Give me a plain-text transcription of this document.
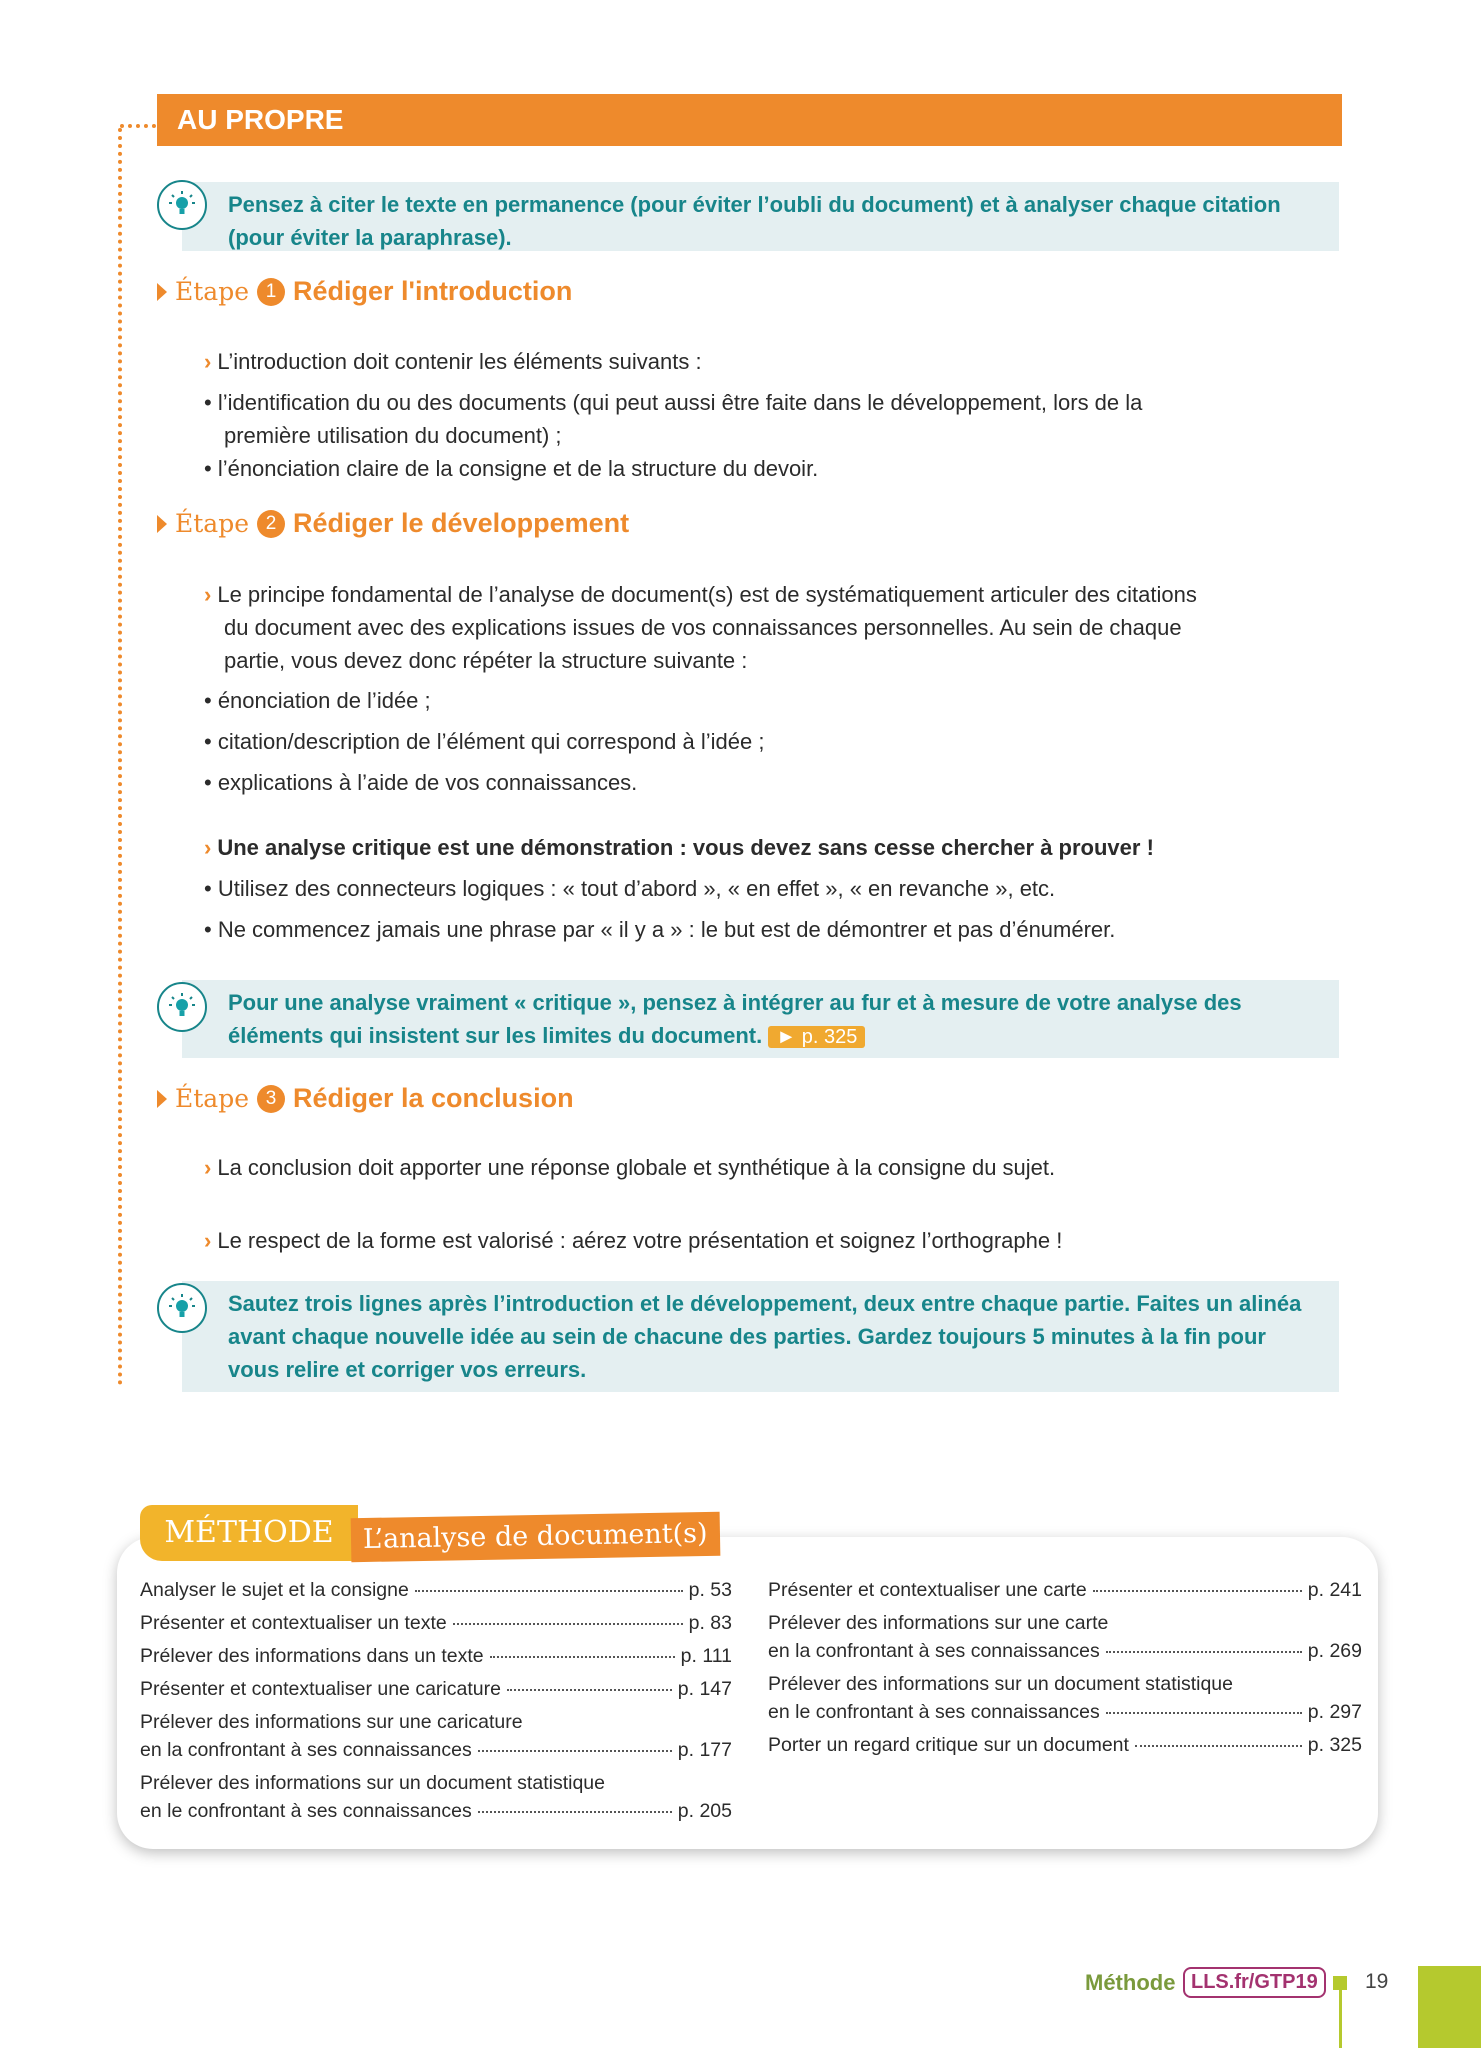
AU PROPRE
Pensez à citer le texte en permanence (pour éviter l’oubli du document) et à analyser chaque citation (pour éviter la paraphrase).
Étape 1 Rédiger l'introduction
› L’introduction doit contenir les éléments suivants :
• l’identification du ou des documents (qui peut aussi être faite dans le développement, lors de la
première utilisation du document) ;
• l’énonciation claire de la consigne et de la structure du devoir.
Étape 2 Rédiger le développement
› Le principe fondamental de l’analyse de document(s) est de systématiquement articuler des citations
du document avec des explications issues de vos connaissances personnelles. Au sein de chaque
partie, vous devez donc répéter la structure suivante :
• énonciation de l’idée ;
• citation/description de l’élément qui correspond à l’idée ;
• explications à l’aide de vos connaissances.
› Une analyse critique est une démonstration : vous devez sans cesse chercher à prouver !
• Utilisez des connecteurs logiques : « tout d’abord », « en effet », « en revanche », etc.
• Ne commencez jamais une phrase par « il y a » : le but est de démontrer et pas d’énumérer.
Pour une analyse vraiment « critique », pensez à intégrer au fur et à mesure de votre analyse des éléments qui insistent sur les limites du document. ► p. 325
Étape 3 Rédiger la conclusion
› La conclusion doit apporter une réponse globale et synthétique à la consigne du sujet.
› Le respect de la forme est valorisé : aérez votre présentation et soignez l’orthographe !
Sautez trois lignes après l’introduction et le développement, deux entre chaque partie. Faites un alinéa avant chaque nouvelle idée au sein de chacune des parties. Gardez toujours 5 minutes à la fin pour vous relire et corriger vos erreurs.
MÉTHODE	L’analyse de document(s)
Analyser le sujet et la consigne	p. 53
Présenter et contextualiser un texte	p. 83
Prélever des informations dans un texte	p. 111
Présenter et contextualiser une caricature	p. 147
Prélever des informations sur une caricature
en la confrontant à ses connaissances	p. 177
Prélever des informations sur un document statistique
en le confrontant à ses connaissances	p. 205
Présenter et contextualiser une carte	p. 241
Prélever des informations sur une carte
en la confrontant à ses connaissances	p. 269
Prélever des informations sur un document statistique
en le confrontant à ses connaissances	p. 297
Porter un regard critique sur un document	p. 325
Méthode LLS.fr/GTP19	19
